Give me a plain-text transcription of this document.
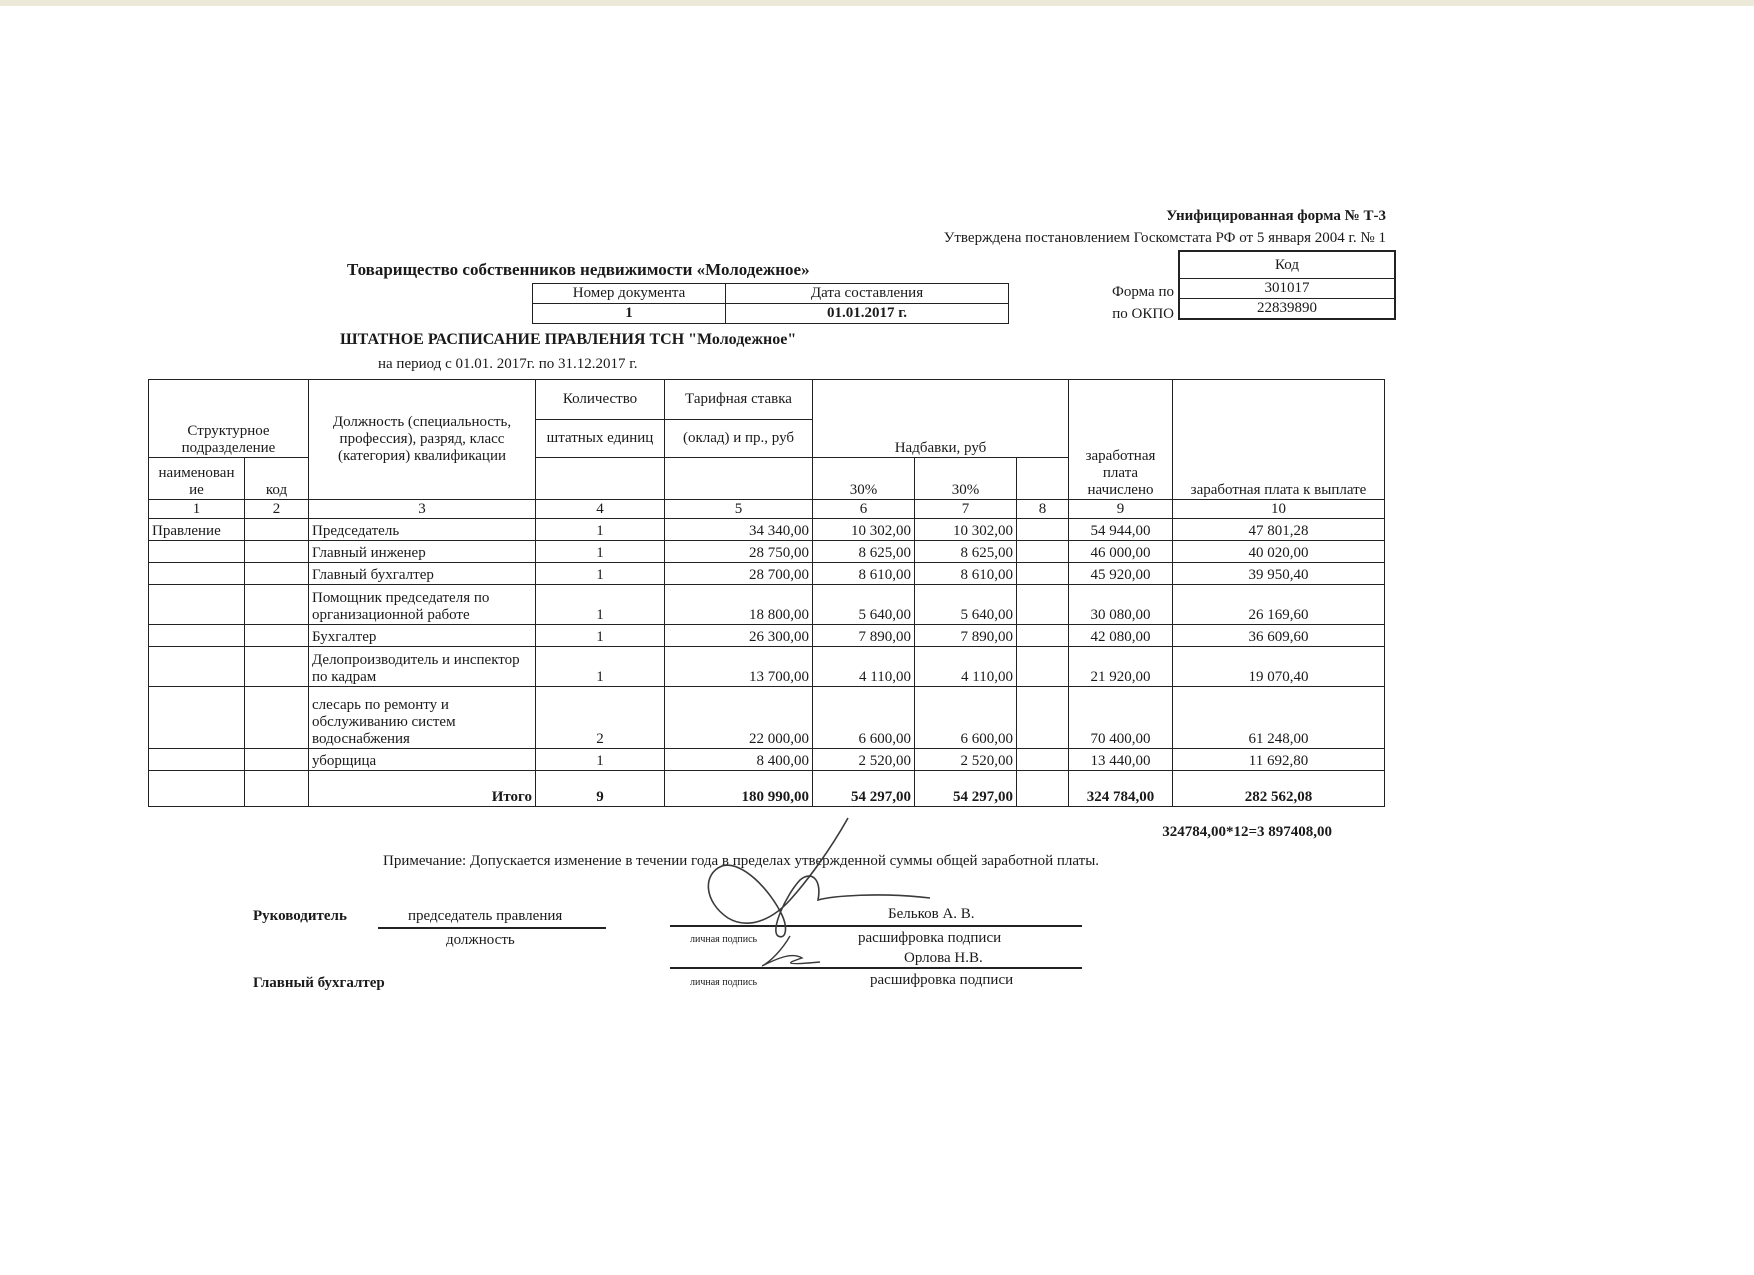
Унифицированная форма № Т-3
Утверждена постановлением Госкомстата РФ от 5 января 2004 г. № 1
Товарищество собственников недвижимости «Молодежное»
Номер документа	Дата составления
1	01.01.2017 г.
Код
301017
22839890
Форма по
по ОКПО
ШТАТНОЕ РАСПИСАНИЕ ПРАВЛЕНИЯ ТСН "Молодежное"
на период с 01.01. 2017г. по 31.12.2017 г.
Структурное подразделение		Должность (специальность, профессия), разряд, класс (категория) квалификации	Количество	Тарифная ставка	Надбавки, руб			заработная плата начислено	заработная плата к выплате
			штатных единиц	(оклад) и пр., руб					
наименован ие	код				30%	30%			
1	2	3	4	5	6	7	8	9	10
Правление		Председатель	1	34 340,00	10 302,00	10 302,00		54 944,00	47 801,28
		Главный инженер	1	28 750,00	8 625,00	8 625,00		46 000,00	40 020,00
		Главный бухгалтер	1	28 700,00	8 610,00	8 610,00		45 920,00	39 950,40
		Помощник председателя по организационной работе	1	18 800,00	5 640,00	5 640,00		30 080,00	26 169,60
		Бухгалтер	1	26 300,00	7 890,00	7 890,00		42 080,00	36 609,60
		Делопроизводитель и инспектор по кадрам	1	13 700,00	4 110,00	4 110,00		21 920,00	19 070,40
		слесарь по ремонту и обслуживанию систем водоснабжения	2	22 000,00	6 600,00	6 600,00		70 400,00	61 248,00
		уборщица	1	8 400,00	2 520,00	2 520,00		13 440,00	11 692,80
		Итого	9	180 990,00	54 297,00	54 297,00		324 784,00	282 562,08
324784,00*12=3 897408,00
Примечание: Допускается изменение в течении года в пределах утвержденной суммы общей заработной платы.
Руководитель	председатель правления
должность
Бельков А. В.
личная подпись	расшифровка подписи
Орлова Н.В.
Главный бухгалтер	личная подпись	расшифровка подписи
